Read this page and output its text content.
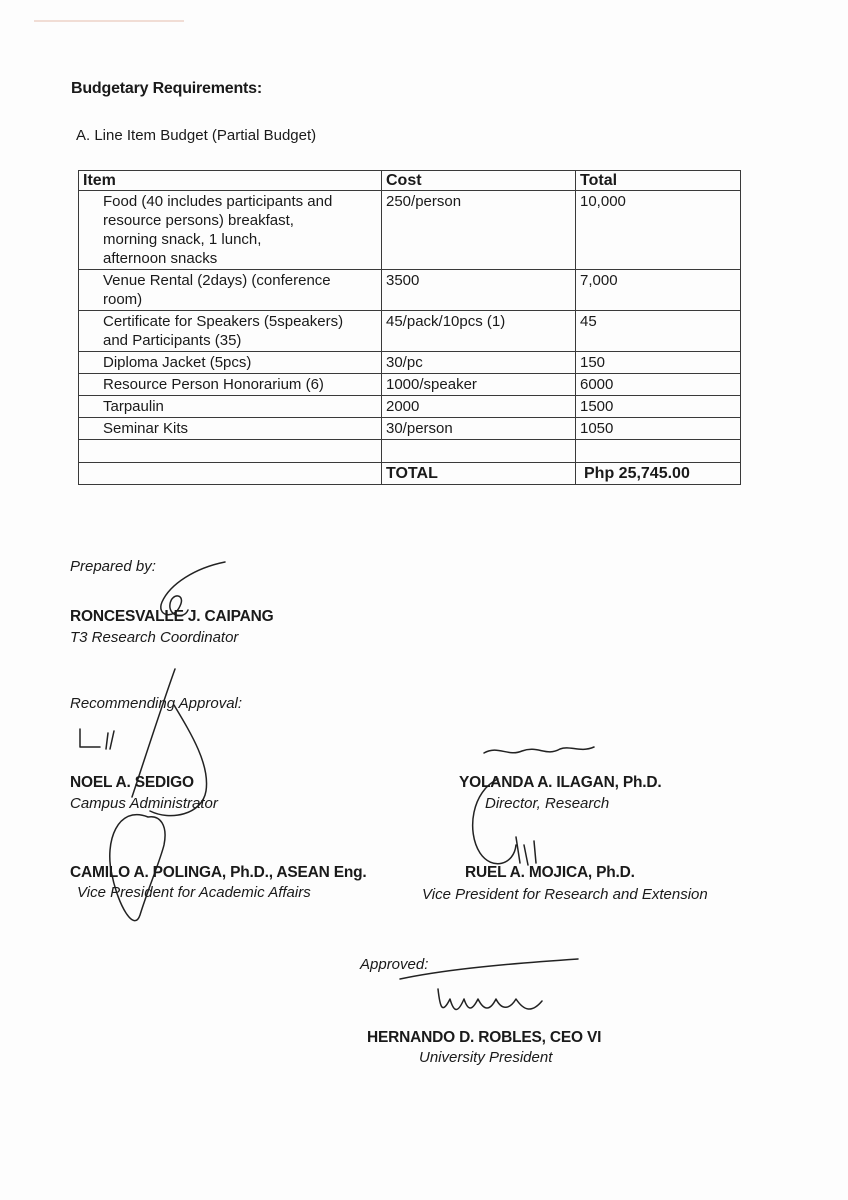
Budgetary Requirements:
A. Line Item Budget (Partial Budget)
Item	Cost	Total

Food (40 includes participants and
resource persons) breakfast,
morning snack, 1 lunch,
afternoon snacks	250/person	10,000

Venue Rental (2days) (conference
room)	3500	7,000

Certificate for Speakers (5speakers)
and Participants (35)	45/pack/10pcs (1)	45

Diploma Jacket (5pcs)	30/pc	150

Resource Person Honorarium (6)	1000/speaker	6000

Tarpaulin	2000	1500

Seminar Kits	30/person	1050

	TOTAL	Php 25,745.00
Prepared by:
RONCESVALLE J. CAIPANG
T3 Research Coordinator
Recommending Approval:
NOEL A. SEDIGO
Campus Administrator
YOLANDA A. ILAGAN, Ph.D.
Director, Research
CAMILO A. POLINGA, Ph.D., ASEAN Eng.
Vice President for Academic Affairs
RUEL A. MOJICA, Ph.D.
Vice President for Research and Extension
Approved:
HERNANDO D. ROBLES, CEO VI
University President
